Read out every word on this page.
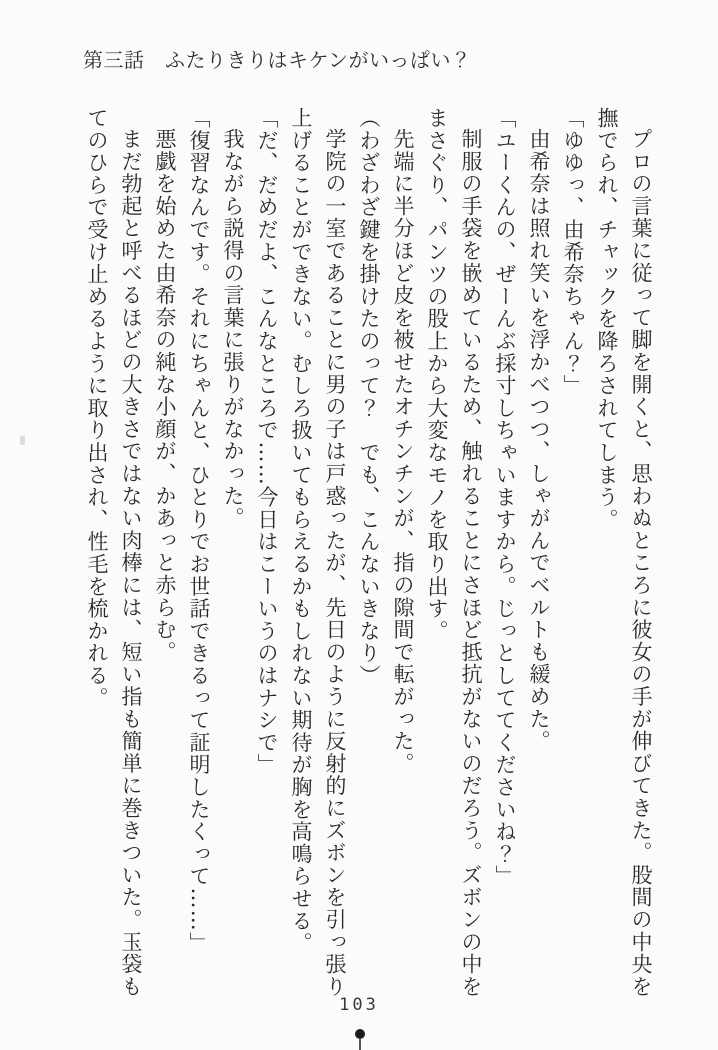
第三話　ふたりきりはキケンがいっぱい？

プロの言葉に従って脚を開くと、思わぬところに彼女の手が伸びてきた。股間の中央を撫でられ、チャックを降ろされてしまう。

「ゆゆっ、由希奈ちゃん？」

由希奈は照れ笑いを浮かべつつ、しゃがんでベルトも緩めた。

「ユーくんの、ぜーんぶ採寸しちゃいますから。じっとしててくださいね？」

制服の手袋を嵌めているため、触れることにさほど抵抗がないのだろう。ズボンの中をまさぐり、パンツの股上から大変なモノを取り出す。

先端に半分ほど皮を被せたオチンチンが、指の隙間で転がった。

（わざわざ鍵を掛けたのって？　でも、こんないきなり）

学院の一室であることに男の子は戸惑ったが、先日のように反射的にズボンを引っ張り上げることができない。むしろ扱いてもらえるかもしれない期待が胸を高鳴らせる。

「だ、だめだよ、こんなところで……今日はこーいうのはナシで」

我ながら説得の言葉に張りがなかった。

「復習なんです。それにちゃんと、ひとりでお世話できるって証明したくって……」

悪戯を始めた由希奈の純な小顔が、かあっと赤らむ。

まだ勃起と呼べるほどの大きさではない肉棒には、短い指も簡単に巻きついた。玉袋もてのひらで受け止めるように取り出され、性毛を梳かれる。

103
